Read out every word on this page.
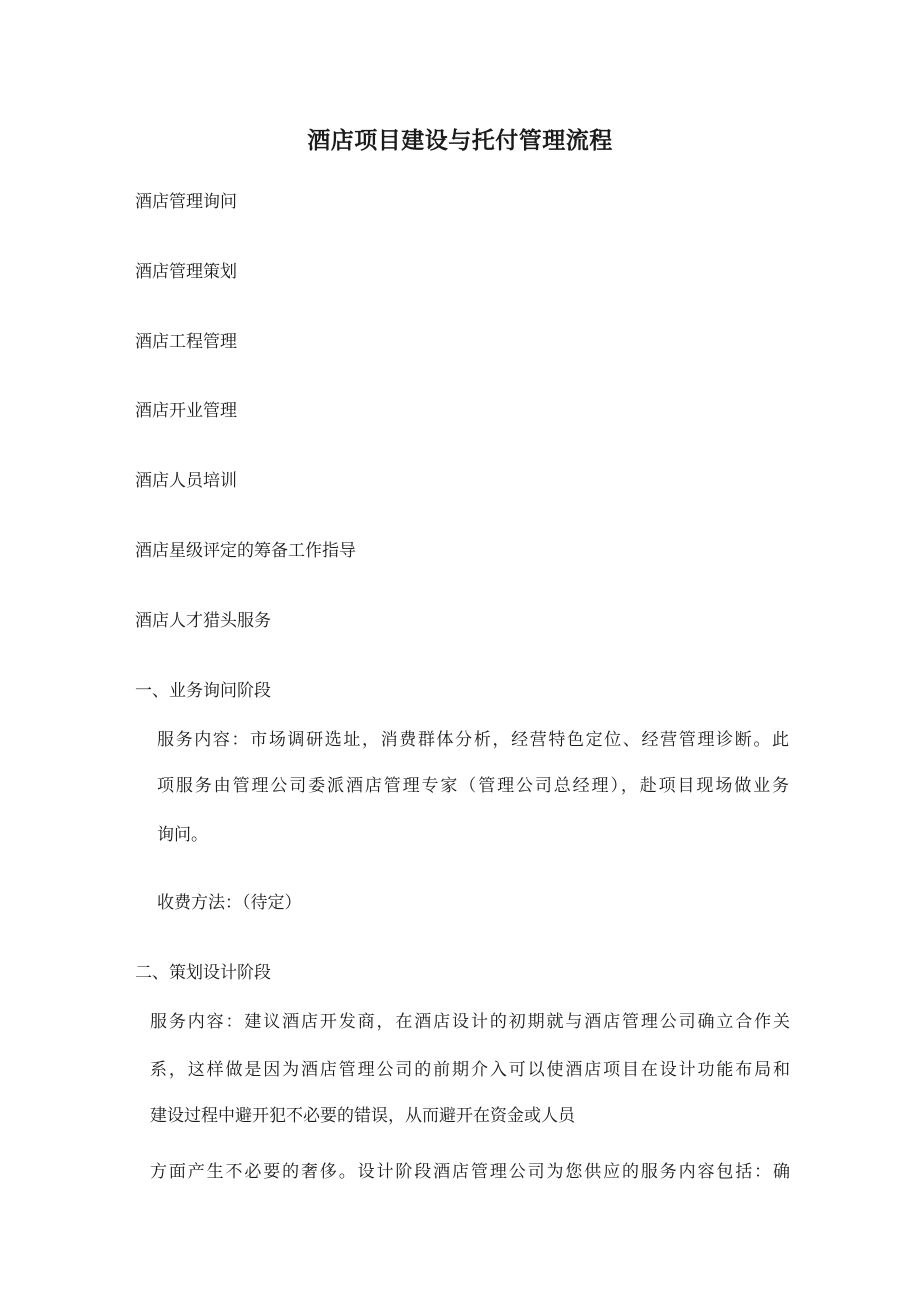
酒店项目建设与托付管理流程
酒店管理询问
酒店管理策划
酒店工程管理
酒店开业管理
酒店人员培训
酒店星级评定的筹备工作指导
酒店人才猎头服务
一、业务询问阶段
服务内容：市场调研选址，消费群体分析，经营特色定位、经营管理诊断。此
项服务由管理公司委派酒店管理专家（管理公司总经理），赴项目现场做业务
询问。
收费方法：（待定）
二、策划设计阶段
服务内容：建议酒店开发商，在酒店设计的初期就与酒店管理公司确立合作关
系，这样做是因为酒店管理公司的前期介入可以使酒店项目在设计功能布局和
建设过程中避开犯不必要的错误，从而避开在资金或人员
方面产生不必要的奢侈。设计阶段酒店管理公司为您供应的服务内容包括：确
